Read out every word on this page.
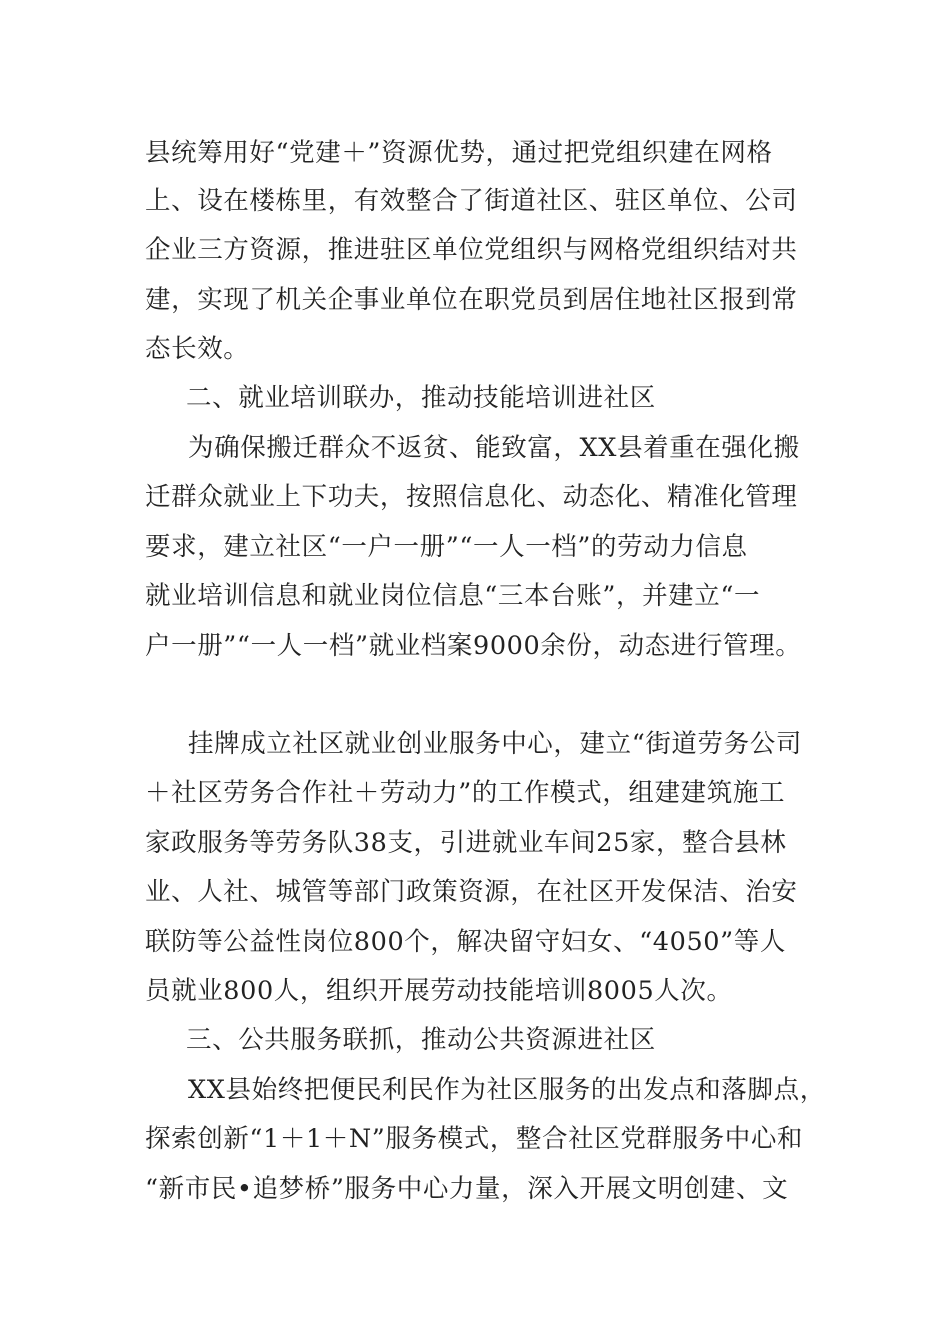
县统筹用好“党建＋”资源优势，通过把党组织建在网格
上、设在楼栋里，有效整合了街道社区、驻区单位、公司
企业三方资源，推进驻区单位党组织与网格党组织结对共
建，实现了机关企事业单位在职党员到居住地社区报到常
态长效。
二、就业培训联办，推动技能培训进社区
为确保搬迁群众不返贫、能致富，XX县着重在强化搬
迁群众就业上下功夫，按照信息化、动态化、精准化管理
要求，建立社区“一户一册”“一人一档”的劳动力信息
就业培训信息和就业岗位信息“三本台账”，并建立“一
户一册”“一人一档”就业档案9000余份，动态进行管理。
挂牌成立社区就业创业服务中心，建立“街道劳务公司
＋社区劳务合作社＋劳动力”的工作模式，组建建筑施工
家政服务等劳务队38支，引进就业车间25家，整合县林
业、人社、城管等部门政策资源，在社区开发保洁、治安
联防等公益性岗位800个，解决留守妇女、“4050”等人
员就业800人，组织开展劳动技能培训8005人次。
三、公共服务联抓，推动公共资源进社区
XX县始终把便民利民作为社区服务的出发点和落脚点，
探索创新“1＋1＋N”服务模式，整合社区党群服务中心和
“新市民•追梦桥”服务中心力量，深入开展文明创建、文
